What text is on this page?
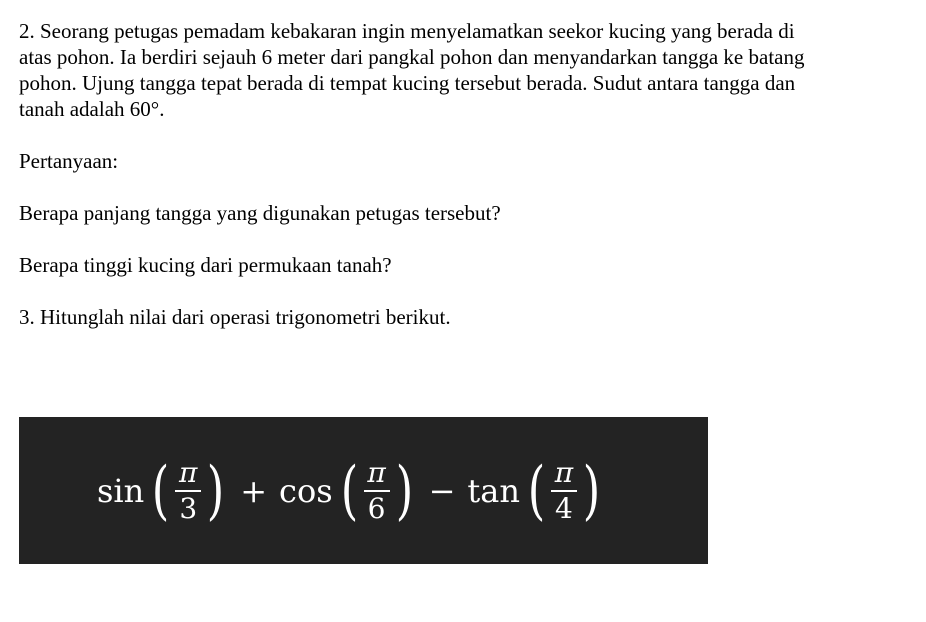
2. Seorang petugas pemadam kebakaran ingin menyelamatkan seekor kucing yang berada di

atas pohon. Ia berdiri sejauh 6 meter dari pangkal pohon dan menyandarkan tangga ke batang

pohon. Ujung tangga tepat berada di tempat kucing tersebut berada. Sudut antara tangga dan

tanah adalah 60°.

Pertanyaan:

Berapa panjang tangga yang digunakan petugas tersebut?

Berapa tinggi kucing dari permukaan tanah?

3. Hitunglah nilai dari operasi trigonometri berikut.

sin ( $\frac{\pi}{3}$ ) + cos ( $\frac{\pi}{6}$ ) − tan ( $\frac{\pi}{4}$ )
